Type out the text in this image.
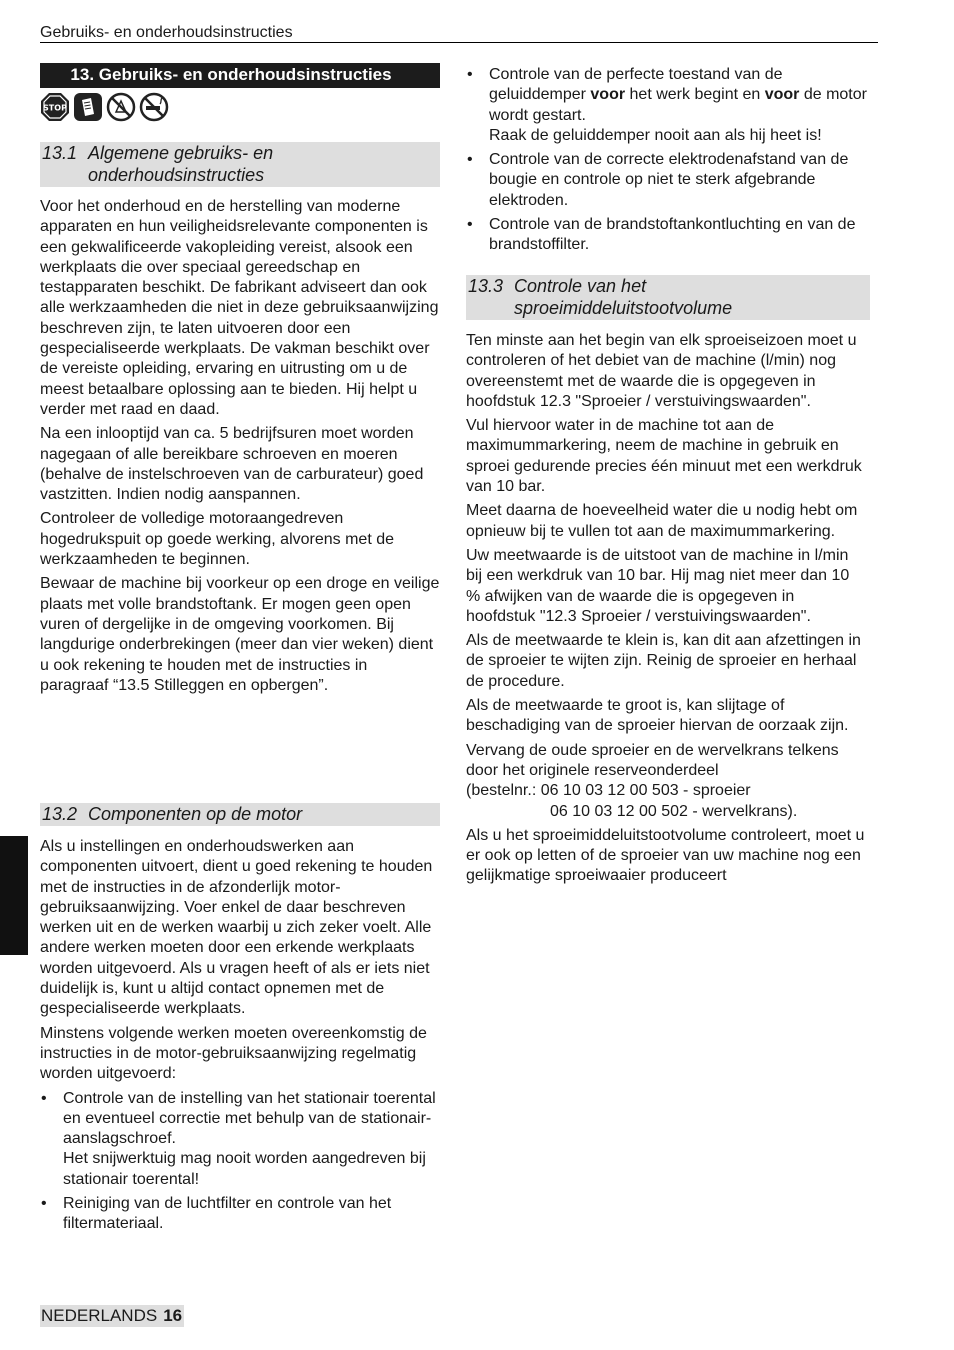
Gebruiks- en onderhoudsinstructies
13. Gebruiks- en onderhoudsinstructies
STOP
13.1 Algemene gebruiks- en
onderhoudsinstructies

Voor het onderhoud en de herstelling van moderne apparaten en hun veiligheidsrelevante componenten is een gekwalificeerde vakopleiding vereist, alsook een werkplaats die over speciaal gereedschap en testapparaten beschikt. De fabrikant adviseert dan ook alle werkzaamheden die niet in deze gebruiksaanwijzing beschreven zijn, te laten uitvoeren door een gespecialiseerde werkplaats. De vakman beschikt over de vereiste opleiding, ervaring en uitrusting om u de meest betaalbare oplossing aan te bieden. Hij helpt u verder met raad en daad.

Na een inlooptijd van ca. 5 bedrijfsuren moet worden nagegaan of alle bereikbare schroeven en moeren (behalve de instelschroeven van de carburateur) goed vastzitten. Indien nodig aanspannen.

Controleer de volledige motoraangedreven hogedrukspuit op goede werking, alvorens met de werkzaamheden te beginnen.

Bewaar de machine bij voorkeur op een droge en veilige plaats met volle brandstoftank. Er mogen geen open vuren of dergelijke in de omgeving voorkomen. Bij langdurige onderbrekingen (meer dan vier weken) dient u ook rekening te houden met de instructies in paragraaf “13.5 Stilleggen en opbergen”.

13.2 Componenten op de motor

Als u instellingen en onderhoudswerken aan componenten uitvoert, dient u goed rekening te houden met de instructies in de afzonderlijk motor-gebruiksaanwijzing. Voer enkel de daar beschreven werken uit en de werken waarbij u zich zeker voelt. Alle andere werken moeten door een erkende werkplaats worden uitgevoerd. Als u vragen heeft of als er iets niet duidelijk is, kunt u altijd contact opnemen met de gespecialiseerde werkplaats.

Minstens volgende werken moeten overeenkomstig de instructies in de motor-gebruiksaanwijzing regelmatig worden uitgevoerd:

• Controle van de instelling van het stationair toerental en eventueel correctie met behulp van de stationair-aanslagschroef.
Het snijwerktuig mag nooit worden aangedreven bij stationair toerental!
• Reiniging van de luchtfilter en controle van het filtermateriaal.
• Controle van de perfecte toestand van de geluiddemper voor het werk begint en voor de motor wordt gestart.
Raak de geluiddemper nooit aan als hij heet is!
• Controle van de correcte elektrodenafstand van de bougie en controle op niet te sterk afgebrande elektroden.
• Controle van de brandstoftankontluchting en van de brandstoffilter.
13.3 Controle van het
sproeimiddeluitstootvolume

Ten minste aan het begin van elk sproeiseizoen moet u controleren of het debiet van de machine (l/min) nog overeenstemt met de waarde die is opgegeven in hoofdstuk 12.3 "Sproeier / verstuivingswaarden".

Vul hiervoor water in de machine tot aan de maximummarkering, neem de machine in gebruik en sproei gedurende precies één minuut met een werkdruk van 10 bar.

Meet daarna de hoeveelheid water die u nodig hebt om opnieuw bij te vullen tot aan de maximummarkering.

Uw meetwaarde is de uitstoot van de machine in l/min bij een werkdruk van 10 bar. Hij mag niet meer dan 10 % afwijken van de waarde die is opgegeven in hoofdstuk "12.3 Sproeier / verstuivingswaarden".

Als de meetwaarde te klein is, kan dit aan afzettingen in de sproeier te wijten zijn. Reinig de sproeier en herhaal de procedure.

Als de meetwaarde te groot is, kan slijtage of beschadiging van de sproeier hiervan de oorzaak zijn.

Vervang de oude sproeier en de wervelkrans telkens door het originele reserveonderdeel
(bestelnr.: 06 10 03 12 00 503 - sproeier
06 10 03 12 00 502 - wervelkrans).

Als u het sproeimiddeluitstootvolume controleert, moet u er ook op letten of de sproeier van uw machine nog een gelijkmatige sproeiwaaier produceert

NEDERLANDS 16
